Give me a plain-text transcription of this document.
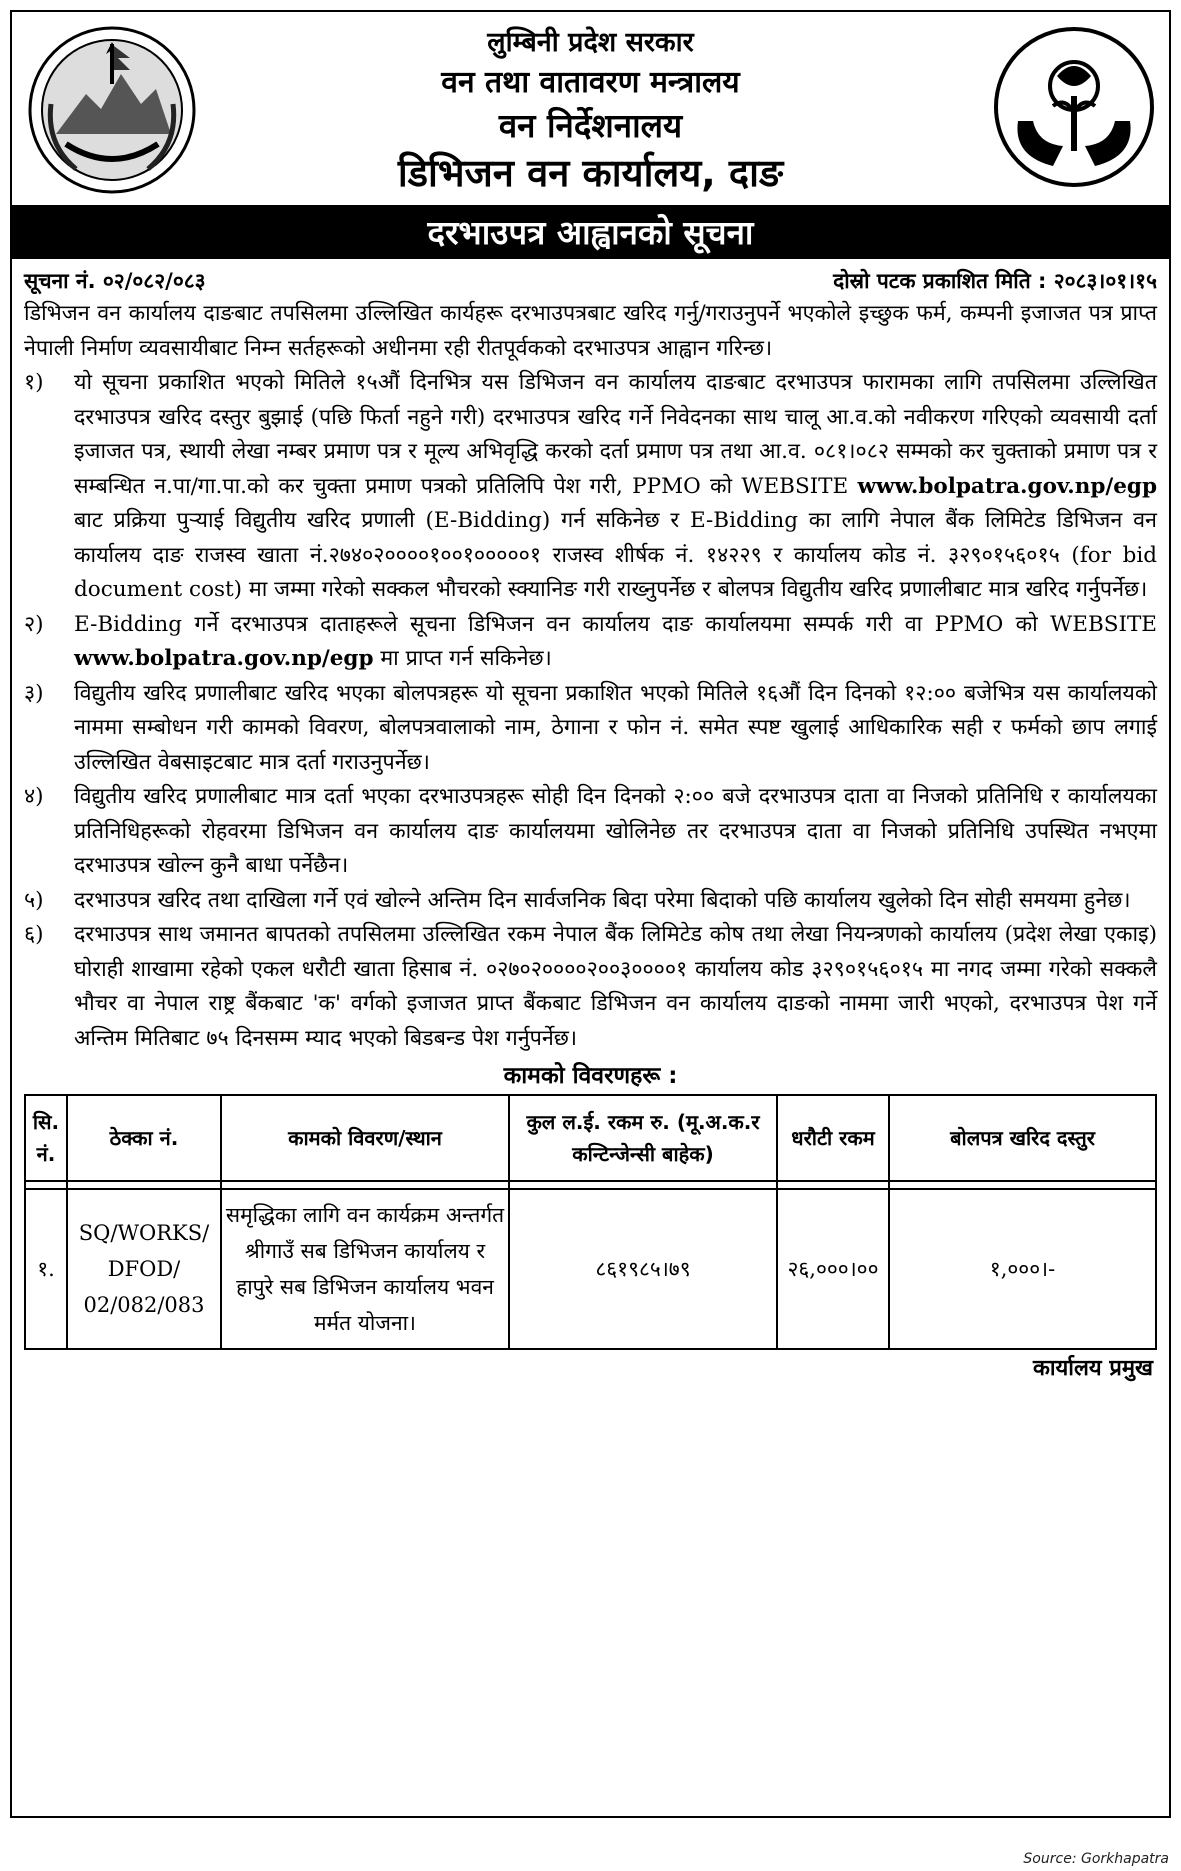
लुम्बिनी प्रदेश सरकार
वन तथा वातावरण मन्त्रालय
वन निर्देशनालय
डिभिजन वन कार्यालय, दाङ
दरभाउपत्र आह्वानको सूचना
सूचना नं. ०२/०८२/०८३	दोस्रो पटक प्रकाशित मिति : २०८३।०१।१५

डिभिजन वन कार्यालय दाङबाट तपसिलमा उल्लिखित कार्यहरू दरभाउपत्रबाट खरिद गर्नु/गराउनुपर्ने भएकोले इच्छुक फर्म, कम्पनी इजाजत पत्र प्राप्त नेपाली निर्माण व्यवसायीबाट निम्न सर्तहरूको अधीनमा रही रीतपूर्वकको दरभाउपत्र आह्वान गरिन्छ।

१)	यो सूचना प्रकाशित भएको मितिले १५औं दिनभित्र यस डिभिजन वन कार्यालय दाङबाट दरभाउपत्र फारामका लागि तपसिलमा उल्लिखित दरभाउपत्र खरिद दस्तुर बुझाई (पछि फिर्ता नहुने गरी) दरभाउपत्र खरिद गर्ने निवेदनका साथ चालू आ.व.को नवीकरण गरिएको व्यवसायी दर्ता इजाजत पत्र, स्थायी लेखा नम्बर प्रमाण पत्र र मूल्य अभिवृद्धि करको दर्ता प्रमाण पत्र तथा आ.व. ०८१।०८२ सम्मको कर चुक्ताको प्रमाण पत्र र सम्बन्धित न.पा/गा.पा.को कर चुक्ता प्रमाण पत्रको प्रतिलिपि पेश गरी, PPMO को WEBSITE www.bolpatra.gov.np/egp बाट प्रक्रिया पुऱ्याई विद्युतीय खरिद प्रणाली (E-Bidding) गर्न सकिनेछ र E-Bidding का लागि नेपाल बैंक लिमिटेड डिभिजन वन कार्यालय दाङ राजस्व खाता नं.२७४०२००००१००१०००००१ राजस्व शीर्षक नं. १४२२९ र कार्यालय कोड नं. ३२९०१५६०१५ (for bid document cost) मा जम्मा गरेको सक्कल भौचरको स्क्यानिङ गरी राख्नुपर्नेछ र बोलपत्र विद्युतीय खरिद प्रणालीबाट मात्र खरिद गर्नुपर्नेछ।
२)	E-Bidding गर्ने दरभाउपत्र दाताहरूले सूचना डिभिजन वन कार्यालय दाङ कार्यालयमा सम्पर्क गरी वा PPMO को WEBSITE www.bolpatra.gov.np/egp मा प्राप्त गर्न सकिनेछ।
३)	विद्युतीय खरिद प्रणालीबाट खरिद भएका बोलपत्रहरू यो सूचना प्रकाशित भएको मितिले १६औं दिन दिनको १२:०० बजेभित्र यस कार्यालयको नाममा सम्बोधन गरी कामको विवरण, बोलपत्रवालाको नाम, ठेगाना र फोन नं. समेत स्पष्ट खुलाई आधिकारिक सही र फर्मको छाप लगाई उल्लिखित वेबसाइटबाट मात्र दर्ता गराउनुपर्नेछ।
४)	विद्युतीय खरिद प्रणालीबाट मात्र दर्ता भएका दरभाउपत्रहरू सोही दिन दिनको २:०० बजे दरभाउपत्र दाता वा निजको प्रतिनिधि र कार्यालयका प्रतिनिधिहरूको रोहवरमा डिभिजन वन कार्यालय दाङ कार्यालयमा खोलिनेछ तर दरभाउपत्र दाता वा निजको प्रतिनिधि उपस्थित नभएमा दरभाउपत्र खोल्न कुनै बाधा पर्नेछैन।
५)	दरभाउपत्र खरिद तथा दाखिला गर्ने एवं खोल्ने अन्तिम दिन सार्वजनिक बिदा परेमा बिदाको पछि कार्यालय खुलेको दिन सोही समयमा हुनेछ।
६)	दरभाउपत्र साथ जमानत बापतको तपसिलमा उल्लिखित रकम नेपाल बैंक लिमिटेड कोष तथा लेखा नियन्त्रणको कार्यालय (प्रदेश लेखा एकाइ) घोराही शाखामा रहेको एकल धरौटी खाता हिसाब नं. ०२७०२००००२००३००००१ कार्यालय कोड ३२९०१५६०१५ मा नगद जम्मा गरेको सक्कलै भौचर वा नेपाल राष्ट्र बैंकबाट 'क' वर्गको इजाजत प्राप्त बैंकबाट डिभिजन वन कार्यालय दाङको नाममा जारी भएको, दरभाउपत्र पेश गर्ने अन्तिम मितिबाट ७५ दिनसम्म म्याद भएको बिडबन्ड पेश गर्नुपर्नेछ।
कामको विवरणहरू :
सि. नं.	ठेक्का नं.	कामको विवरण/स्थान	कुल ल.ई. रकम रु. (मू.अ.क.र कन्टिन्जेन्सी बाहेक)	धरौटी रकम	बोलपत्र खरिद दस्तुर

१.	SQ/WORKS/ DFOD/ 02/082/083	समृद्धिका लागि वन कार्यक्रम अन्तर्गत श्रीगाउँ सब डिभिजन कार्यालय र हापुरे सब डिभिजन कार्यालय भवन मर्मत योजना।	८६१९८५।७९	२६,०००।००	१,०००।-
कार्यालय प्रमुख
Source: Gorkhapatra
